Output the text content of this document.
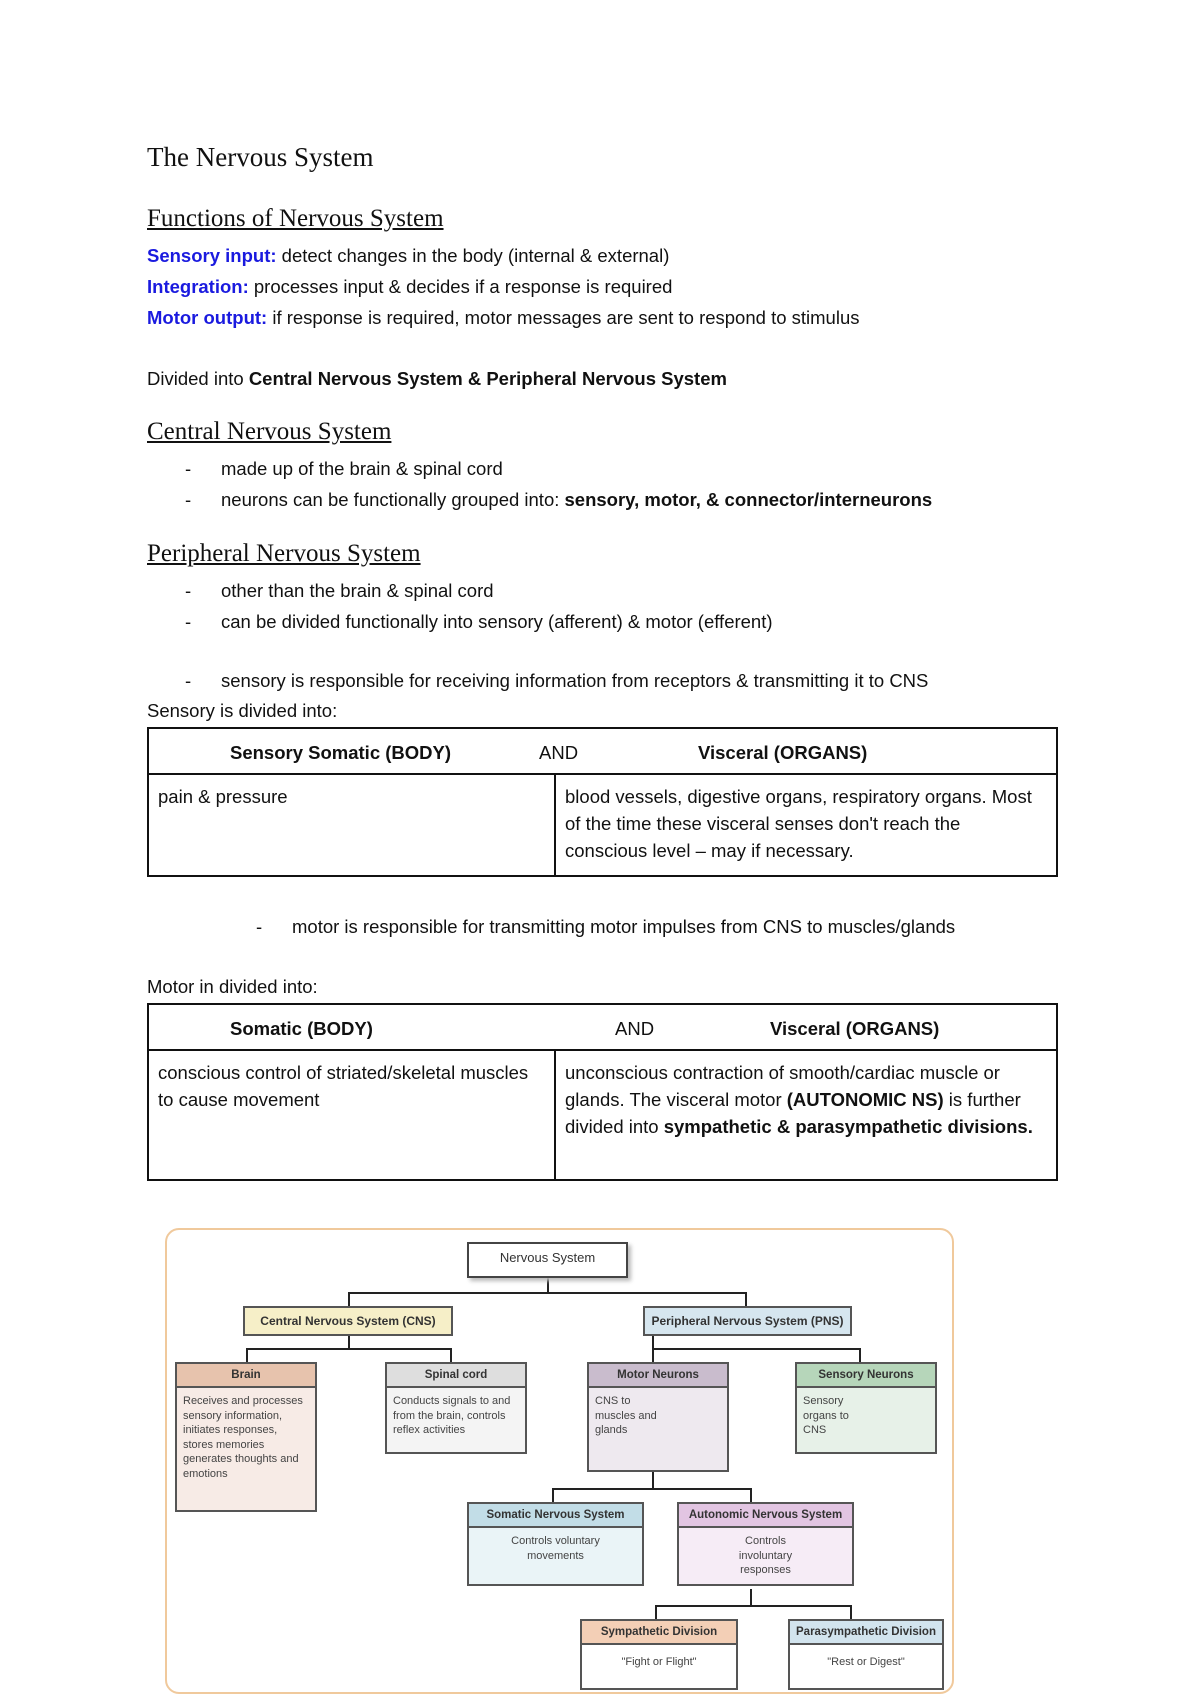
The Nervous System
Functions of Nervous System
Sensory input: detect changes in the body (internal & external)
Integration: processes input & decides if a response is required
Motor output: if response is required, motor messages are sent to respond to stimulus
Divided into Central Nervous System & Peripheral Nervous System
Central Nervous System
- made up of the brain & spinal cord
- neurons can be functionally grouped into: sensory, motor, & connector/interneurons
Peripheral Nervous System
- other than the brain & spinal cord
- can be divided functionally into sensory (afferent) & motor (efferent)
- sensory is responsible for receiving information from receptors & transmitting it to CNS
Sensory is divided into:
Sensory Somatic (BODY)	AND	Visceral (ORGANS)

pain & pressure	blood vessels, digestive organs, respiratory organs. Most of the time these visceral senses don't reach the conscious level – may if necessary.
- motor is responsible for transmitting motor impulses from CNS to muscles/glands
Motor in divided into:
Somatic (BODY)	AND	Visceral (ORGANS)

conscious control of striated/skeletal muscles to cause movement	unconscious contraction of smooth/cardiac muscle or glands. The visceral motor (AUTONOMIC NS) is further divided into sympathetic & parasympathetic divisions.
Nervous System
Central Nervous System (CNS)	Peripheral Nervous System (PNS)
Brain
Receives and processes sensory information, initiates responses, stores memories generates thoughts and emotions
Spinal cord
Conducts signals to and from the brain, controls reflex activities
Motor Neurons
CNS to muscles and glands
Sensory Neurons
Sensory organs to CNS
Somatic Nervous System
Controls voluntary movements
Autonomic Nervous System
Controls involuntary responses
Sympathetic Division
"Fight or Flight"
Parasympathetic Division
"Rest or Digest"
